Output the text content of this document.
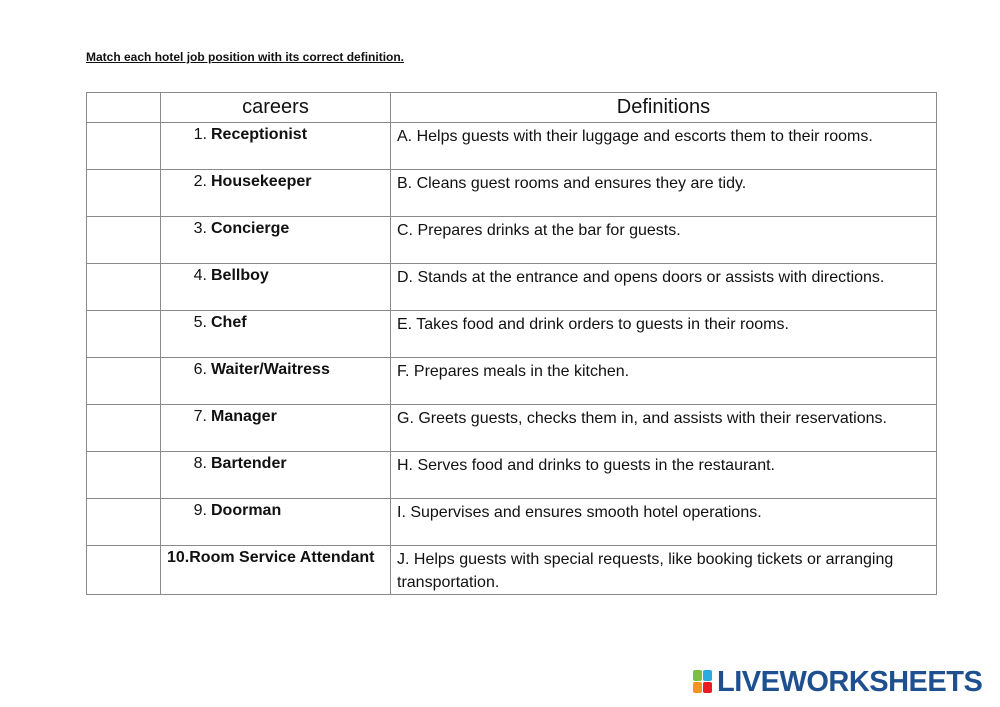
Match each hotel job position with its correct definition.
	careers	Definitions

	1. Receptionist	A. Helps guests with their luggage and escorts them to their rooms.

	2. Housekeeper	B. Cleans guest rooms and ensures they are tidy.

	3. Concierge	C. Prepares drinks at the bar for guests.

	4. Bellboy	D. Stands at the entrance and opens doors or assists with directions.

	5. Chef	E. Takes food and drink orders to guests in their rooms.

	6. Waiter/Waitress	F. Prepares meals in the kitchen.

	7. Manager	G. Greets guests, checks them in, and assists with their reservations.

	8. Bartender	H. Serves food and drinks to guests in the restaurant.

	9. Doorman	I. Supervises and ensures smooth hotel operations.

	10.Room Service Attendant	J. Helps guests with special requests, like booking tickets or arranging transportation.
LIVEWORKSHEETS
